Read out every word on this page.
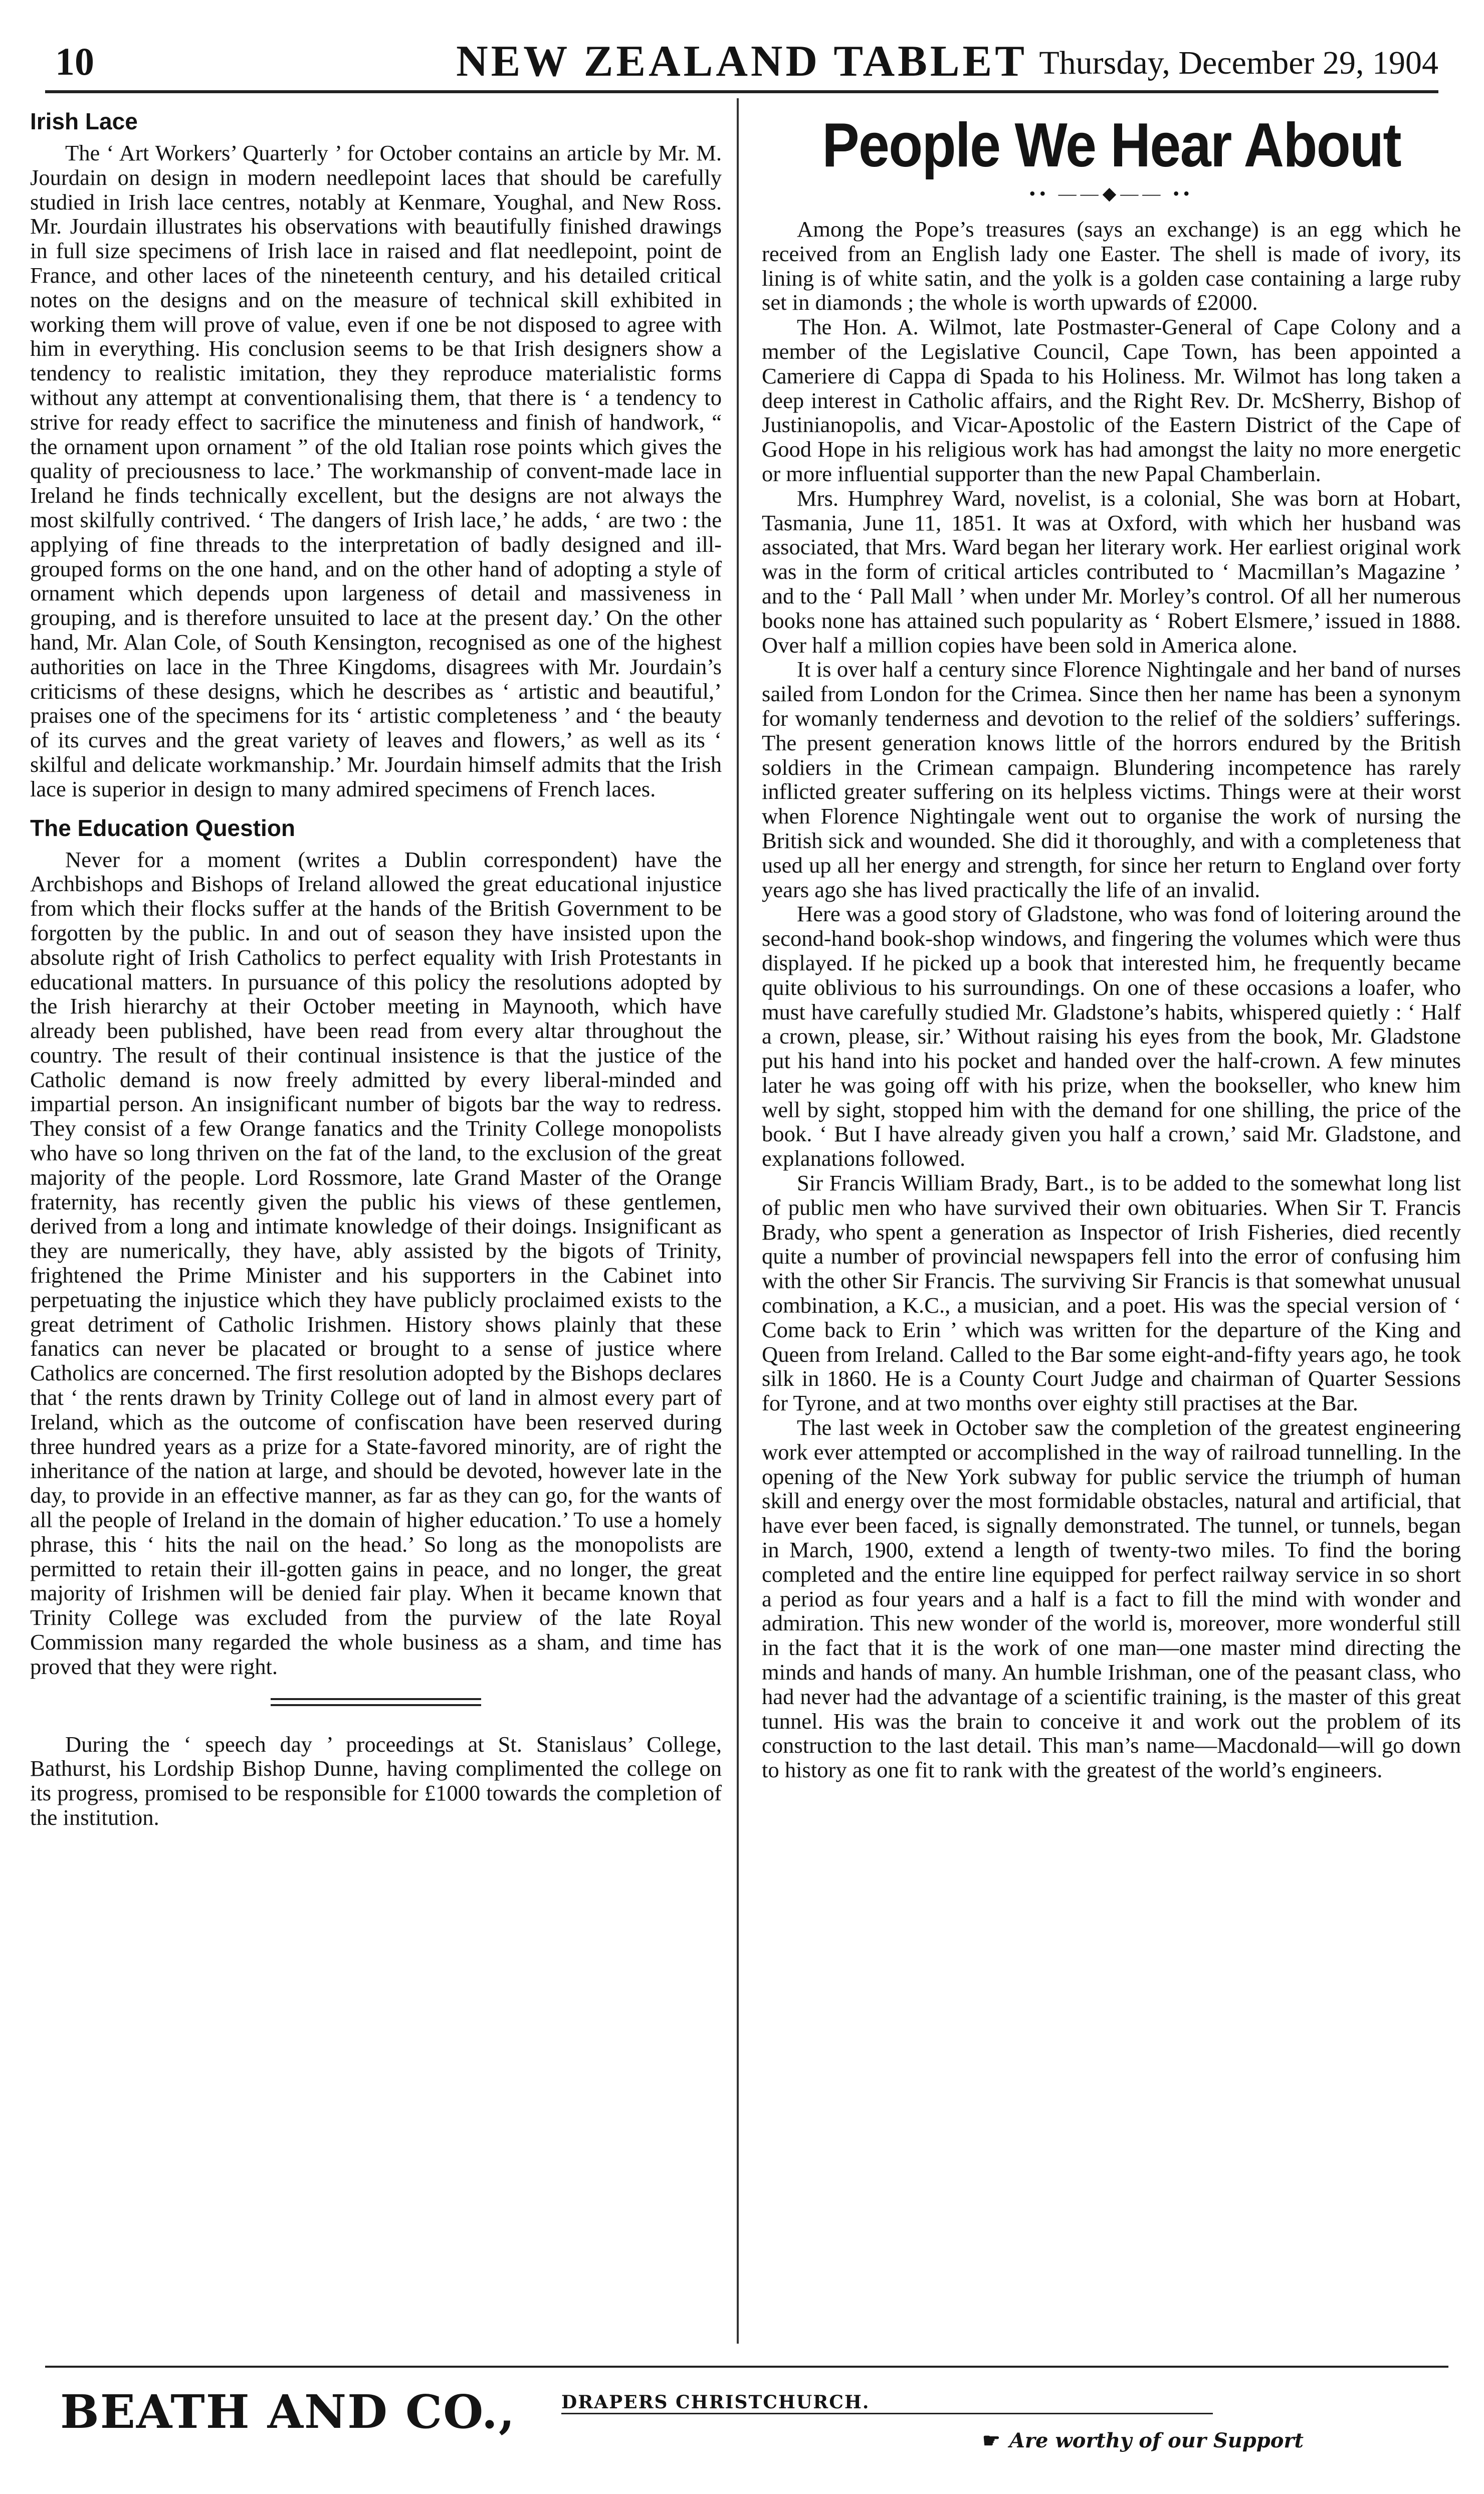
10	NEW ZEALAND TABLET Thursday, December 29, 1904
Irish Lace

The ‘ Art Workers’ Quarterly ’ for October contains an article by Mr. M. Jourdain on design in modern needlepoint laces that should be carefully studied in Irish lace centres, notably at Kenmare, Youghal, and New Ross. Mr. Jourdain illustrates his observations with beautifully finished drawings in full size specimens of Irish lace in raised and flat needlepoint, point de France, and other laces of the nineteenth century, and his detailed critical notes on the designs and on the measure of technical skill exhibited in working them will prove of value, even if one be not disposed to agree with him in everything. His conclusion seems to be that Irish designers show a tendency to realistic imitation, they they reproduce materialistic forms without any attempt at conventionalising them, that there is ‘ a tendency to strive for ready effect to sacrifice the minuteness and finish of handwork, “ the ornament upon ornament ” of the old Italian rose points which gives the quality of preciousness to lace.’ The workmanship of convent-made lace in Ireland he finds technically excellent, but the designs are not always the most skilfully contrived. ‘ The dangers of Irish lace,’ he adds, ‘ are two : the applying of fine threads to the interpretation of badly designed and ill-grouped forms on the one hand, and on the other hand of adopting a style of ornament which depends upon largeness of detail and massiveness in grouping, and is therefore unsuited to lace at the present day.’ On the other hand, Mr. Alan Cole, of South Kensington, recognised as one of the highest authorities on lace in the Three Kingdoms, disagrees with Mr. Jourdain’s criticisms of these designs, which he describes as ‘ artistic and beautiful,’ praises one of the specimens for its ‘ artistic completeness ’ and ‘ the beauty of its curves and the great variety of leaves and flowers,’ as well as its ‘ skilful and delicate workmanship.’ Mr. Jourdain himself admits that the Irish lace is superior in design to many admired specimens of French laces.

The Education Question

Never for a moment (writes a Dublin correspondent) have the Archbishops and Bishops of Ireland allowed the great educational injustice from which their flocks suffer at the hands of the British Government to be forgotten by the public. In and out of season they have insisted upon the absolute right of Irish Catholics to perfect equality with Irish Protestants in educational matters. In pursuance of this policy the resolutions adopted by the Irish hierarchy at their October meeting in Maynooth, which have already been published, have been read from every altar throughout the country. The result of their continual insistence is that the justice of the Catholic demand is now freely admitted by every liberal-minded and impartial person. An insignificant number of bigots bar the way to redress. They consist of a few Orange fanatics and the Trinity College monopolists who have so long thriven on the fat of the land, to the exclusion of the great majority of the people. Lord Rossmore, late Grand Master of the Orange fraternity, has recently given the public his views of these gentlemen, derived from a long and intimate knowledge of their doings. Insignificant as they are numerically, they have, ably assisted by the bigots of Trinity, frightened the Prime Minister and his supporters in the Cabinet into perpetuating the injustice which they have publicly proclaimed exists to the great detriment of Catholic Irishmen. History shows plainly that these fanatics can never be placated or brought to a sense of justice where Catholics are concerned. The first resolution adopted by the Bishops declares that ‘ the rents drawn by Trinity College out of land in almost every part of Ireland, which as the outcome of confiscation have been reserved during three hundred years as a prize for a State-favored minority, are of right the inheritance of the nation at large, and should be devoted, however late in the day, to provide in an effective manner, as far as they can go, for the wants of all the people of Ireland in the domain of higher education.’ To use a homely phrase, this ‘ hits the nail on the head.’ So long as the monopolists are permitted to retain their ill-gotten gains in peace, and no longer, the great majority of Irishmen will be denied fair play. When it became known that Trinity College was excluded from the purview of the late Royal Commission many regarded the whole business as a sham, and time has proved that they were right.

During the ‘ speech day ’ proceedings at St. Stanislaus’ College, Bathurst, his Lordship Bishop Dunne, having complimented the college on its progress, promised to be responsible for £1000 towards the completion of the institution.

People We Hear About
•• ——◆—— ••

Among the Pope’s treasures (says an exchange) is an egg which he received from an English lady one Easter. The shell is made of ivory, its lining is of white satin, and the yolk is a golden case containing a large ruby set in diamonds ; the whole is worth upwards of £2000.

The Hon. A. Wilmot, late Postmaster-General of Cape Colony and a member of the Legislative Council, Cape Town, has been appointed a Cameriere di Cappa di Spada to his Holiness. Mr. Wilmot has long taken a deep interest in Catholic affairs, and the Right Rev. Dr. McSherry, Bishop of Justinianopolis, and Vicar-Apostolic of the Eastern District of the Cape of Good Hope in his religious work has had amongst the laity no more energetic or more influential supporter than the new Papal Chamberlain.

Mrs. Humphrey Ward, novelist, is a colonial, She was born at Hobart, Tasmania, June 11, 1851. It was at Oxford, with which her husband was associated, that Mrs. Ward began her literary work. Her earliest original work was in the form of critical articles contributed to ‘ Macmillan’s Magazine ’ and to the ‘ Pall Mall ’ when under Mr. Morley’s control. Of all her numerous books none has attained such popularity as ‘ Robert Elsmere,’ issued in 1888. Over half a million copies have been sold in America alone.

It is over half a century since Florence Nightingale and her band of nurses sailed from London for the Crimea. Since then her name has been a synonym for womanly tenderness and devotion to the relief of the soldiers’ sufferings. The present generation knows little of the horrors endured by the British soldiers in the Crimean campaign. Blundering incompetence has rarely inflicted greater suffering on its helpless victims. Things were at their worst when Florence Nightingale went out to organise the work of nursing the British sick and wounded. She did it thoroughly, and with a completeness that used up all her energy and strength, for since her return to England over forty years ago she has lived practically the life of an invalid.

Here was a good story of Gladstone, who was fond of loitering around the second-hand book-shop windows, and fingering the volumes which were thus displayed. If he picked up a book that interested him, he frequently became quite oblivious to his surroundings. On one of these occasions a loafer, who must have carefully studied Mr. Gladstone’s habits, whispered quietly : ‘ Half a crown, please, sir.’ Without raising his eyes from the book, Mr. Gladstone put his hand into his pocket and handed over the half-crown. A few minutes later he was going off with his prize, when the bookseller, who knew him well by sight, stopped him with the demand for one shilling, the price of the book. ‘ But I have already given you half a crown,’ said Mr. Gladstone, and explanations followed.

Sir Francis William Brady, Bart., is to be added to the somewhat long list of public men who have survived their own obituaries. When Sir T. Francis Brady, who spent a generation as Inspector of Irish Fisheries, died recently quite a number of provincial newspapers fell into the error of confusing him with the other Sir Francis. The surviving Sir Francis is that somewhat unusual combination, a K.C., a musician, and a poet. His was the special version of ‘ Come back to Erin ’ which was written for the departure of the King and Queen from Ireland. Called to the Bar some eight-and-fifty years ago, he took silk in 1860. He is a County Court Judge and chairman of Quarter Sessions for Tyrone, and at two months over eighty still practises at the Bar.

The last week in October saw the completion of the greatest engineering work ever attempted or accomplished in the way of railroad tunnelling. In the opening of the New York subway for public service the triumph of human skill and energy over the most formidable obstacles, natural and artificial, that have ever been faced, is signally demonstrated. The tunnel, or tunnels, began in March, 1900, extend a length of twenty-two miles. To find the boring completed and the entire line equipped for perfect railway service in so short a period as four years and a half is a fact to fill the mind with wonder and admiration. This new wonder of the world is, moreover, more wonderful still in the fact that it is the work of one man—one master mind directing the minds and hands of many. An humble Irishman, one of the peasant class, who had never had the advantage of a scientific training, is the master of this great tunnel. His was the brain to conceive it and work out the problem of its construction to the last detail. This man’s name—Macdonald—will go down to history as one fit to rank with the greatest of the world’s engineers.

BEATH AND CO.,	DRAPERS CHRISTCHURCH.
☛ Are worthy of our Support
